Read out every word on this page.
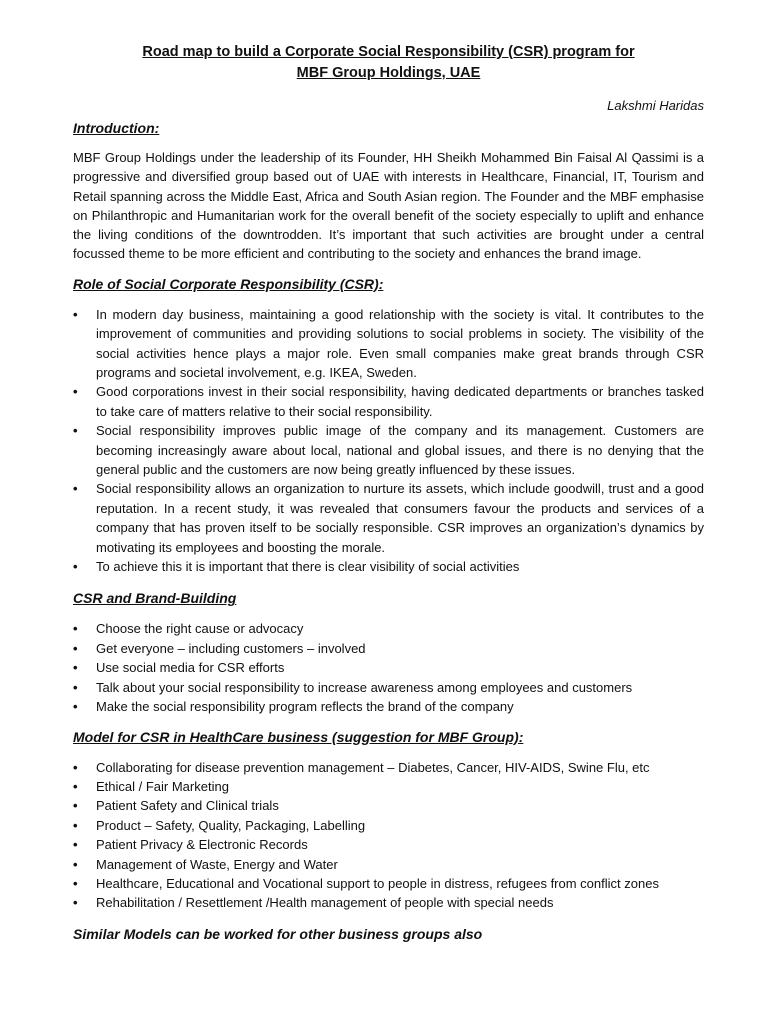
Road map to build a Corporate Social Responsibility (CSR) program for

MBF Group Holdings, UAE

Lakshmi Haridas

Introduction:

MBF Group Holdings under the leadership of its Founder, HH Sheikh Mohammed Bin Faisal Al Qassimi is a progressive and diversified group based out of UAE with interests in Healthcare, Financial, IT, Tourism and Retail spanning across the Middle East, Africa and South Asian region. The Founder and the MBF emphasise on Philanthropic and Humanitarian work for the overall benefit of the society especially to uplift and enhance the living conditions of the downtrodden. It’s important that such activities are brought under a central focussed theme to be more efficient and contributing to the society and enhances the brand image.

Role of Social Corporate Responsibility (CSR):

• In modern day business, maintaining a good relationship with the society is vital. It contributes to the improvement of communities and providing solutions to social problems in society. The visibility of the social activities hence plays a major role. Even small companies make great brands through CSR programs and societal involvement, e.g. IKEA, Sweden.
• Good corporations invest in their social responsibility, having dedicated departments or branches tasked to take care of matters relative to their social responsibility.
• Social responsibility improves public image of the company and its management. Customers are becoming increasingly aware about local, national and global issues, and there is no denying that the general public and the customers are now being greatly influenced by these issues.
• Social responsibility allows an organization to nurture its assets, which include goodwill, trust and a good reputation. In a recent study, it was revealed that consumers favour the products and services of a company that has proven itself to be socially responsible. CSR improves an organization’s dynamics by motivating its employees and boosting the morale.
• To achieve this it is important that there is clear visibility of social activities

CSR and Brand-Building

• Choose the right cause or advocacy
• Get everyone – including customers – involved
• Use social media for CSR efforts
• Talk about your social responsibility to increase awareness among employees and customers
• Make the social responsibility program reflects the brand of the company

Model for CSR in HealthCare business (suggestion for MBF Group):

• Collaborating for disease prevention management – Diabetes, Cancer, HIV-AIDS, Swine Flu, etc
• Ethical / Fair Marketing
• Patient Safety and Clinical trials
• Product – Safety, Quality, Packaging, Labelling
• Patient Privacy & Electronic Records
• Management of Waste, Energy and Water
• Healthcare, Educational and Vocational support to people in distress, refugees from conflict zones
• Rehabilitation / Resettlement /Health management of people with special needs

Similar Models can be worked for other business groups also
